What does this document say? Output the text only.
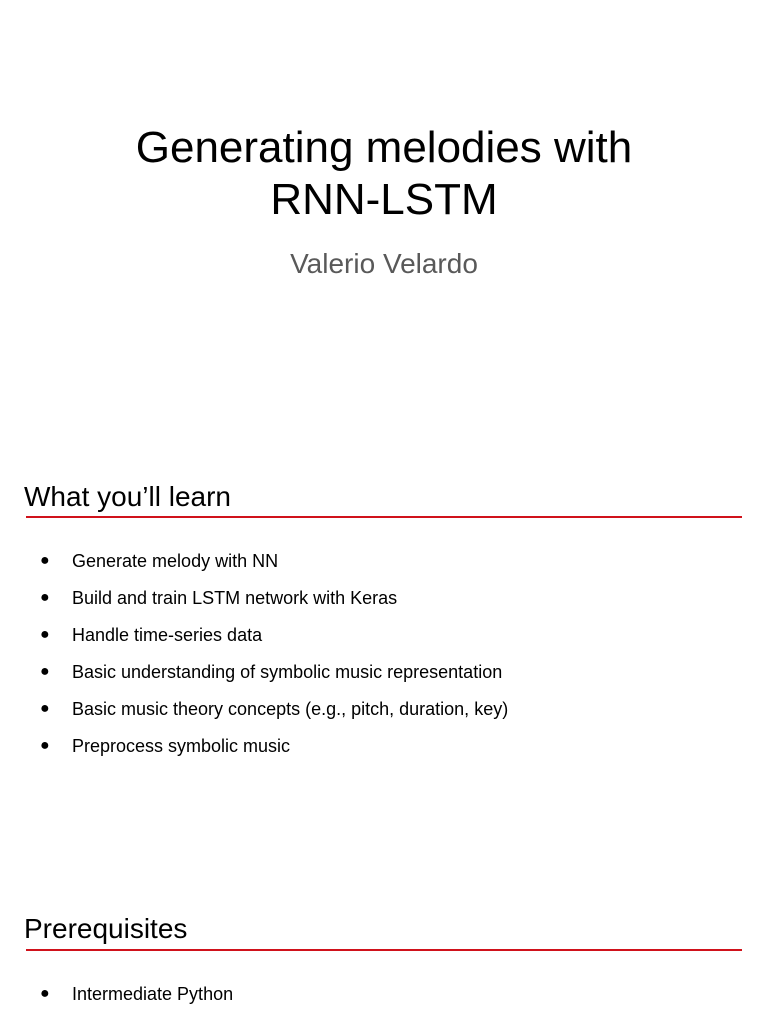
Generating melodies with
RNN-LSTM
Valerio Velardo
What you’ll learn
● Generate melody with NN
● Build and train LSTM network with Keras
● Handle time-series data
● Basic understanding of symbolic music representation
● Basic music theory concepts (e.g., pitch, duration, key)
● Preprocess symbolic music
Prerequisites
● Intermediate Python
